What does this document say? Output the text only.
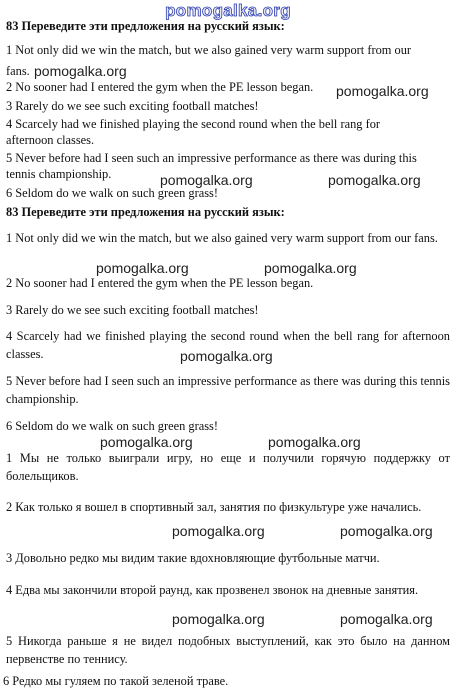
pomogalka.org
83 Переведите эти предложения на русский язык:
1 Not only did we win the match, but we also gained very warm support from our
fans.
2 No sooner had I entered the gym when the PE lesson began.
3 Rarely do we see such exciting football matches!
4 Scarcely had we finished playing the second round when the bell rang for
afternoon classes.
5 Never before had I seen such an impressive performance as there was during this
tennis championship.
6 Seldom do we walk on such green grass!
83 Переведите эти предложения на русский язык:
1 Not only did we win the match, but we also gained very warm support from our fans.
2 No sooner had I entered the gym when the PE lesson began.
3 Rarely do we see such exciting football matches!
4 Scarcely had we finished playing the second round when the bell rang for afternoon classes.
5 Never before had I seen such an impressive performance as there was during this tennis championship.
6 Seldom do we walk on such green grass!
1 Мы не только выиграли игру, но еще и получили горячую поддержку от болельщиков.
2 Как только я вошел в спортивный зал, занятия по физкультуре уже начались.
3 Довольно редко мы видим такие вдохновляющие футбольные матчи.
4 Едва мы закончили второй раунд, как прозвенел звонок на дневные занятия.
5 Никогда раньше я не видел подобных выступлений, как это было на данном первенстве по теннису.
6 Редко мы гуляем по такой зеленой траве.
pomogalka.org
pomogalka.org
pomogalka.org	pomogalka.org
pomogalka.org	pomogalka.org
pomogalka.org
pomogalka.org	pomogalka.org
pomogalka.org	pomogalka.org
pomogalka.org	pomogalka.org
